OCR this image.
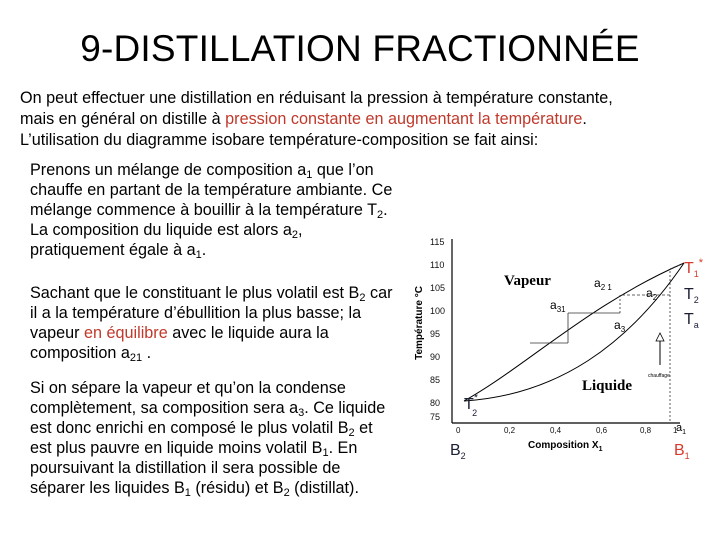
9-DISTILLATION FRACTIONNÉE

On peut effectuer une distillation en réduisant la pression à température constante,
mais en général on distille à pression constante en augmentant la température.
L’utilisation du diagramme isobare température-composition se fait ainsi:

Prenons un mélange de composition $a_1$ que l’on chauffe en partant de la température ambiante. Ce mélange commence à bouillir à la température $T_2$. La composition du liquide est alors $a_2$, pratiquement égale à $a_1$.

Sachant que le constituant le plus volatil est $B_2$ car il a la température d’ébullition la plus basse; la vapeur en équilibre avec le liquide aura la composition $a_{21}$ .

Si on sépare la vapeur et qu’on la condense complètement, sa composition sera $a_3$. Ce liquide est donc enrichi en composé le plus volatil $B_2$ et est plus pauvre en liquide moins volatil $B_1$. En poursuivant la distillation il sera possible de séparer les liquides $B_1$ (résidu) et $B_2$ (distillat).

Température °C
115
110
105
100
95
90
85
80
75
0	0,2	0,4	0,6	0,8	1
chauffage
Vapeur
Liquide
$a_{2 1}$	$a_2$
$a_{31}$
$a_3$
$a_1$
Composition $X_1$
$T_1^*$
$T_2$
$T_a$
T* 2
$B_2$	$B_1$
